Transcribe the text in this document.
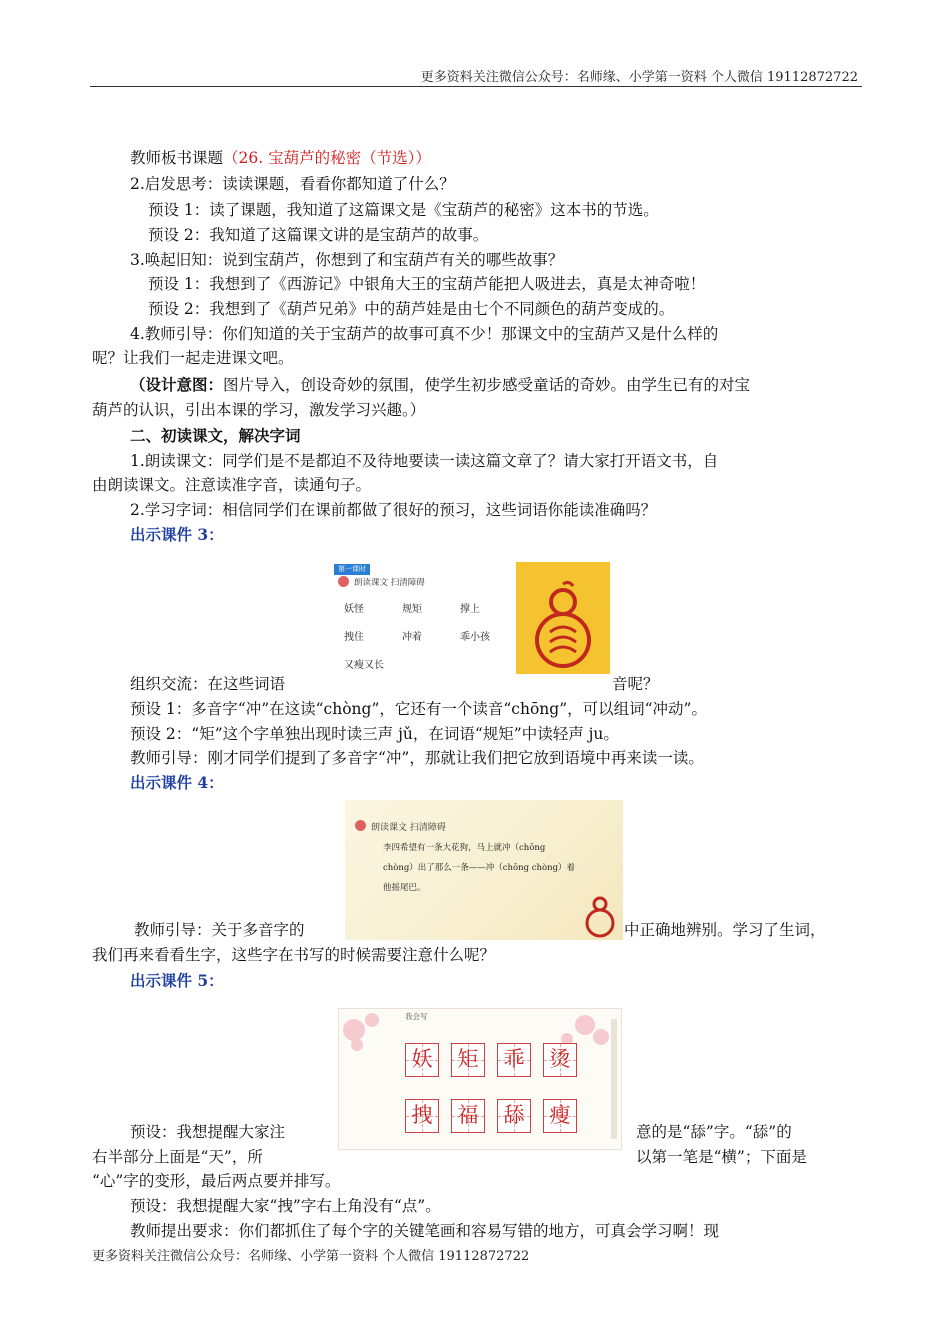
更多资料关注微信公众号：名师缘、小学第一资料 个人微信 19112872722
教师板书课题（26. 宝葫芦的秘密（节选））
2.启发思考：读读课题，看看你都知道了什么？
预设 1：读了课题，我知道了这篇课文是《宝葫芦的秘密》这本书的节选。
预设 2：我知道了这篇课文讲的是宝葫芦的故事。
3.唤起旧知：说到宝葫芦，你想到了和宝葫芦有关的哪些故事？
预设 1：我想到了《西游记》中银角大王的宝葫芦能把人吸进去，真是太神奇啦！
预设 2：我想到了《葫芦兄弟》中的葫芦娃是由七个不同颜色的葫芦变成的。
4.教师引导：你们知道的关于宝葫芦的故事可真不少！那课文中的宝葫芦又是什么样的
呢？让我们一起走进课文吧。
（设计意图：图片导入，创设奇妙的氛围，使学生初步感受童话的奇妙。由学生已有的对宝
葫芦的认识，引出本课的学习，激发学习兴趣。）
二、初读课文，解决字词
1.朗读课文：同学们是不是都迫不及待地要读一读这篇文章了？请大家打开语文书，自
由朗读课文。注意读准字音，读通句子。
2.学习字词：相信同学们在课前都做了很好的预习，这些词语你能读准确吗？
出示课件 3：
第一课时
朗读课文 扫清障碍
妖怪	规矩	撑上
拽住	冲着	乖小孩
又瘦又长
组织交流：在这些词语	音呢？
预设 1：多音字“冲”在这读“chòng”，它还有一个读音“chōng”，可以组词“冲动”。
预设 2：“矩”这个字单独出现时读三声 jǔ，在词语“规矩”中读轻声 ju。
教师引导：刚才同学们提到了多音字“冲”，那就让我们把它放到语境中再来读一读。
出示课件 4：
朗读课文 扫清障碍
李四希望有一条大花狗，马上就冲（chōng
chòng）出了那么一条——冲（chōng chòng）着
他摇尾巴。
教师引导：关于多音字的	中正确地辨别。学习了生词，
我们再来看看生字，这些字在书写的时候需要注意什么呢？
出示课件 5：
我会写
妖	矩	乖	烫
拽	福	舔	瘦
预设：我想提醒大家注	意的是“舔”字。“舔”的
右半部分上面是“天”，所	以第一笔是“横”；下面是
“心”字的变形，最后两点要并排写。
预设：我想提醒大家“拽”字右上角没有“点”。
教师提出要求：你们都抓住了每个字的关键笔画和容易写错的地方，可真会学习啊！现
更多资料关注微信公众号：名师缘、小学第一资料 个人微信 19112872722
